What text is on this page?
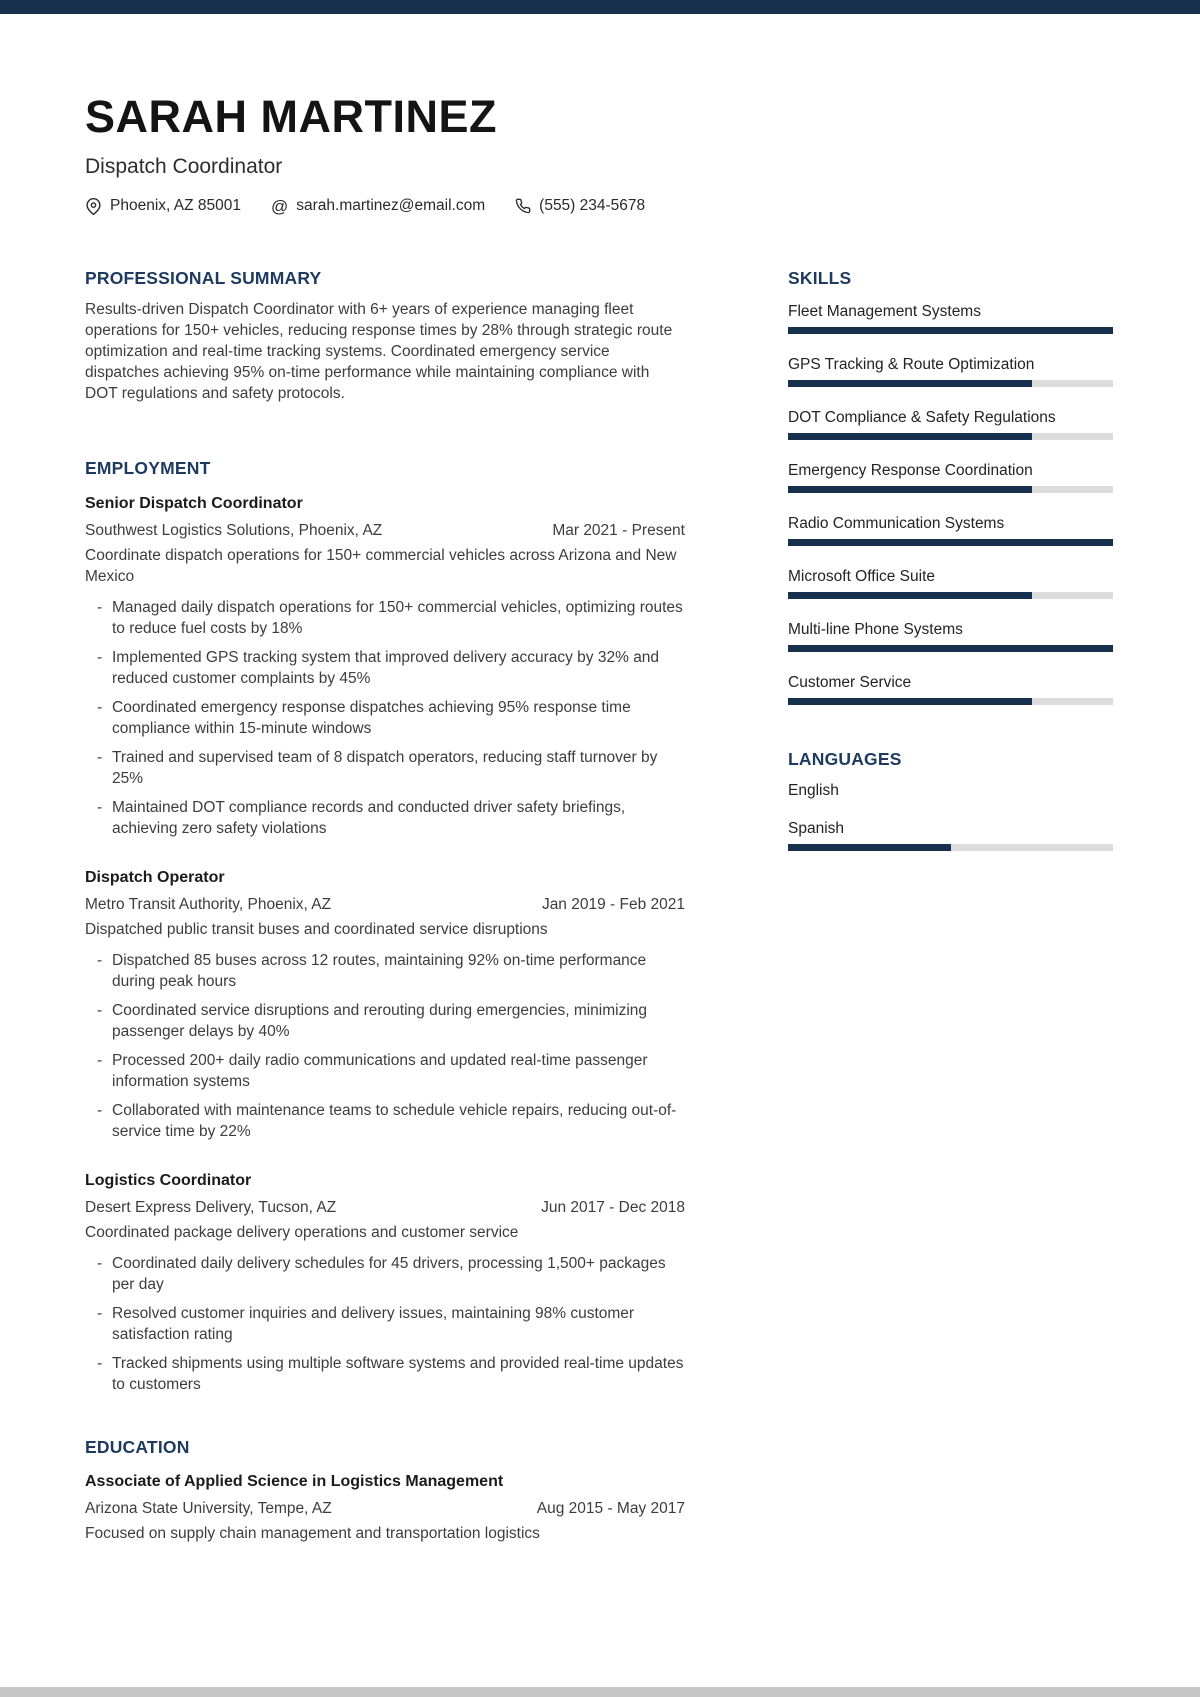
SARAH MARTINEZ
Dispatch Coordinator
Phoenix, AZ 85001 @ sarah.martinez@email.com	(555) 234-5678
PROFESSIONAL SUMMARY

Results-driven Dispatch Coordinator with 6+ years of experience managing fleet operations for 150+ vehicles, reducing response times by 28% through strategic route optimization and real-time tracking systems. Coordinated emergency service dispatches achieving 95% on-time performance while maintaining compliance with DOT regulations and safety protocols.

EMPLOYMENT
Senior Dispatch Coordinator
Southwest Logistics Solutions, Phoenix, AZ	Mar 2021 - Present
Coordinate dispatch operations for 150+ commercial vehicles across Arizona and New Mexico
- Managed daily dispatch operations for 150+ commercial vehicles, optimizing routes to reduce fuel costs by 18%
- Implemented GPS tracking system that improved delivery accuracy by 32% and reduced customer complaints by 45%
- Coordinated emergency response dispatches achieving 95% response time compliance within 15-minute windows
- Trained and supervised team of 8 dispatch operators, reducing staff turnover by 25%
- Maintained DOT compliance records and conducted driver safety briefings, achieving zero safety violations
Dispatch Operator
Metro Transit Authority, Phoenix, AZ	Jan 2019 - Feb 2021
Dispatched public transit buses and coordinated service disruptions
- Dispatched 85 buses across 12 routes, maintaining 92% on-time performance during peak hours
- Coordinated service disruptions and rerouting during emergencies, minimizing passenger delays by 40%
- Processed 200+ daily radio communications and updated real-time passenger information systems
- Collaborated with maintenance teams to schedule vehicle repairs, reducing out-of-service time by 22%
Logistics Coordinator
Desert Express Delivery, Tucson, AZ	Jun 2017 - Dec 2018
Coordinated package delivery operations and customer service
- Coordinated daily delivery schedules for 45 drivers, processing 1,500+ packages per day
- Resolved customer inquiries and delivery issues, maintaining 98% customer satisfaction rating
- Tracked shipments using multiple software systems and provided real-time updates to customers
EDUCATION
Associate of Applied Science in Logistics Management
Arizona State University, Tempe, AZ	Aug 2015 - May 2017
Focused on supply chain management and transportation logistics
SKILLS
Fleet Management Systems
GPS Tracking & Route Optimization
DOT Compliance & Safety Regulations
Emergency Response Coordination
Radio Communication Systems
Microsoft Office Suite
Multi-line Phone Systems
Customer Service
LANGUAGES
English
Spanish
